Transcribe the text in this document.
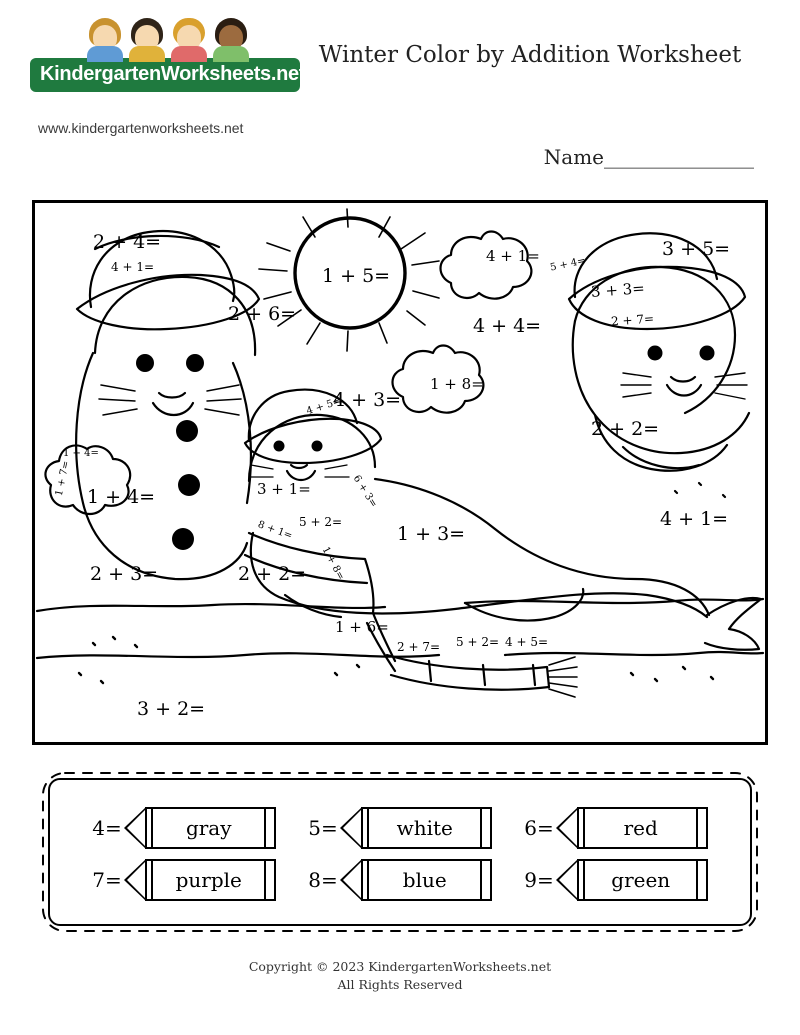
KindergartenWorksheets.net
www.kindergartenworksheets.net
Winter Color by Addition Worksheet
Name_______________
2 + 4=
4 + 1=
2 + 6=
1 + 5=
4 + 1= 5 + 4=
3 + 5=
3 + 3=
2 + 7=
4 + 4=
1 + 8=
4 + 3=
4 + 5=
2 + 2=
1 + 4=
1 + 7= 1 + 4=	3 + 1=	6 + 3=
5 + 2=
8 + 1=	1 + 3=
4 + 1=
2 + 3=	2 + 2= 1 + 8=
1 + 6=
2 + 7= 5 + 2= 4 + 5=
3 + 2=
4=	gray	5=	white	6=	red
7=	purple	8=	blue	9=	green
Copyright © 2023 KindergartenWorksheets.net
All Rights Reserved
